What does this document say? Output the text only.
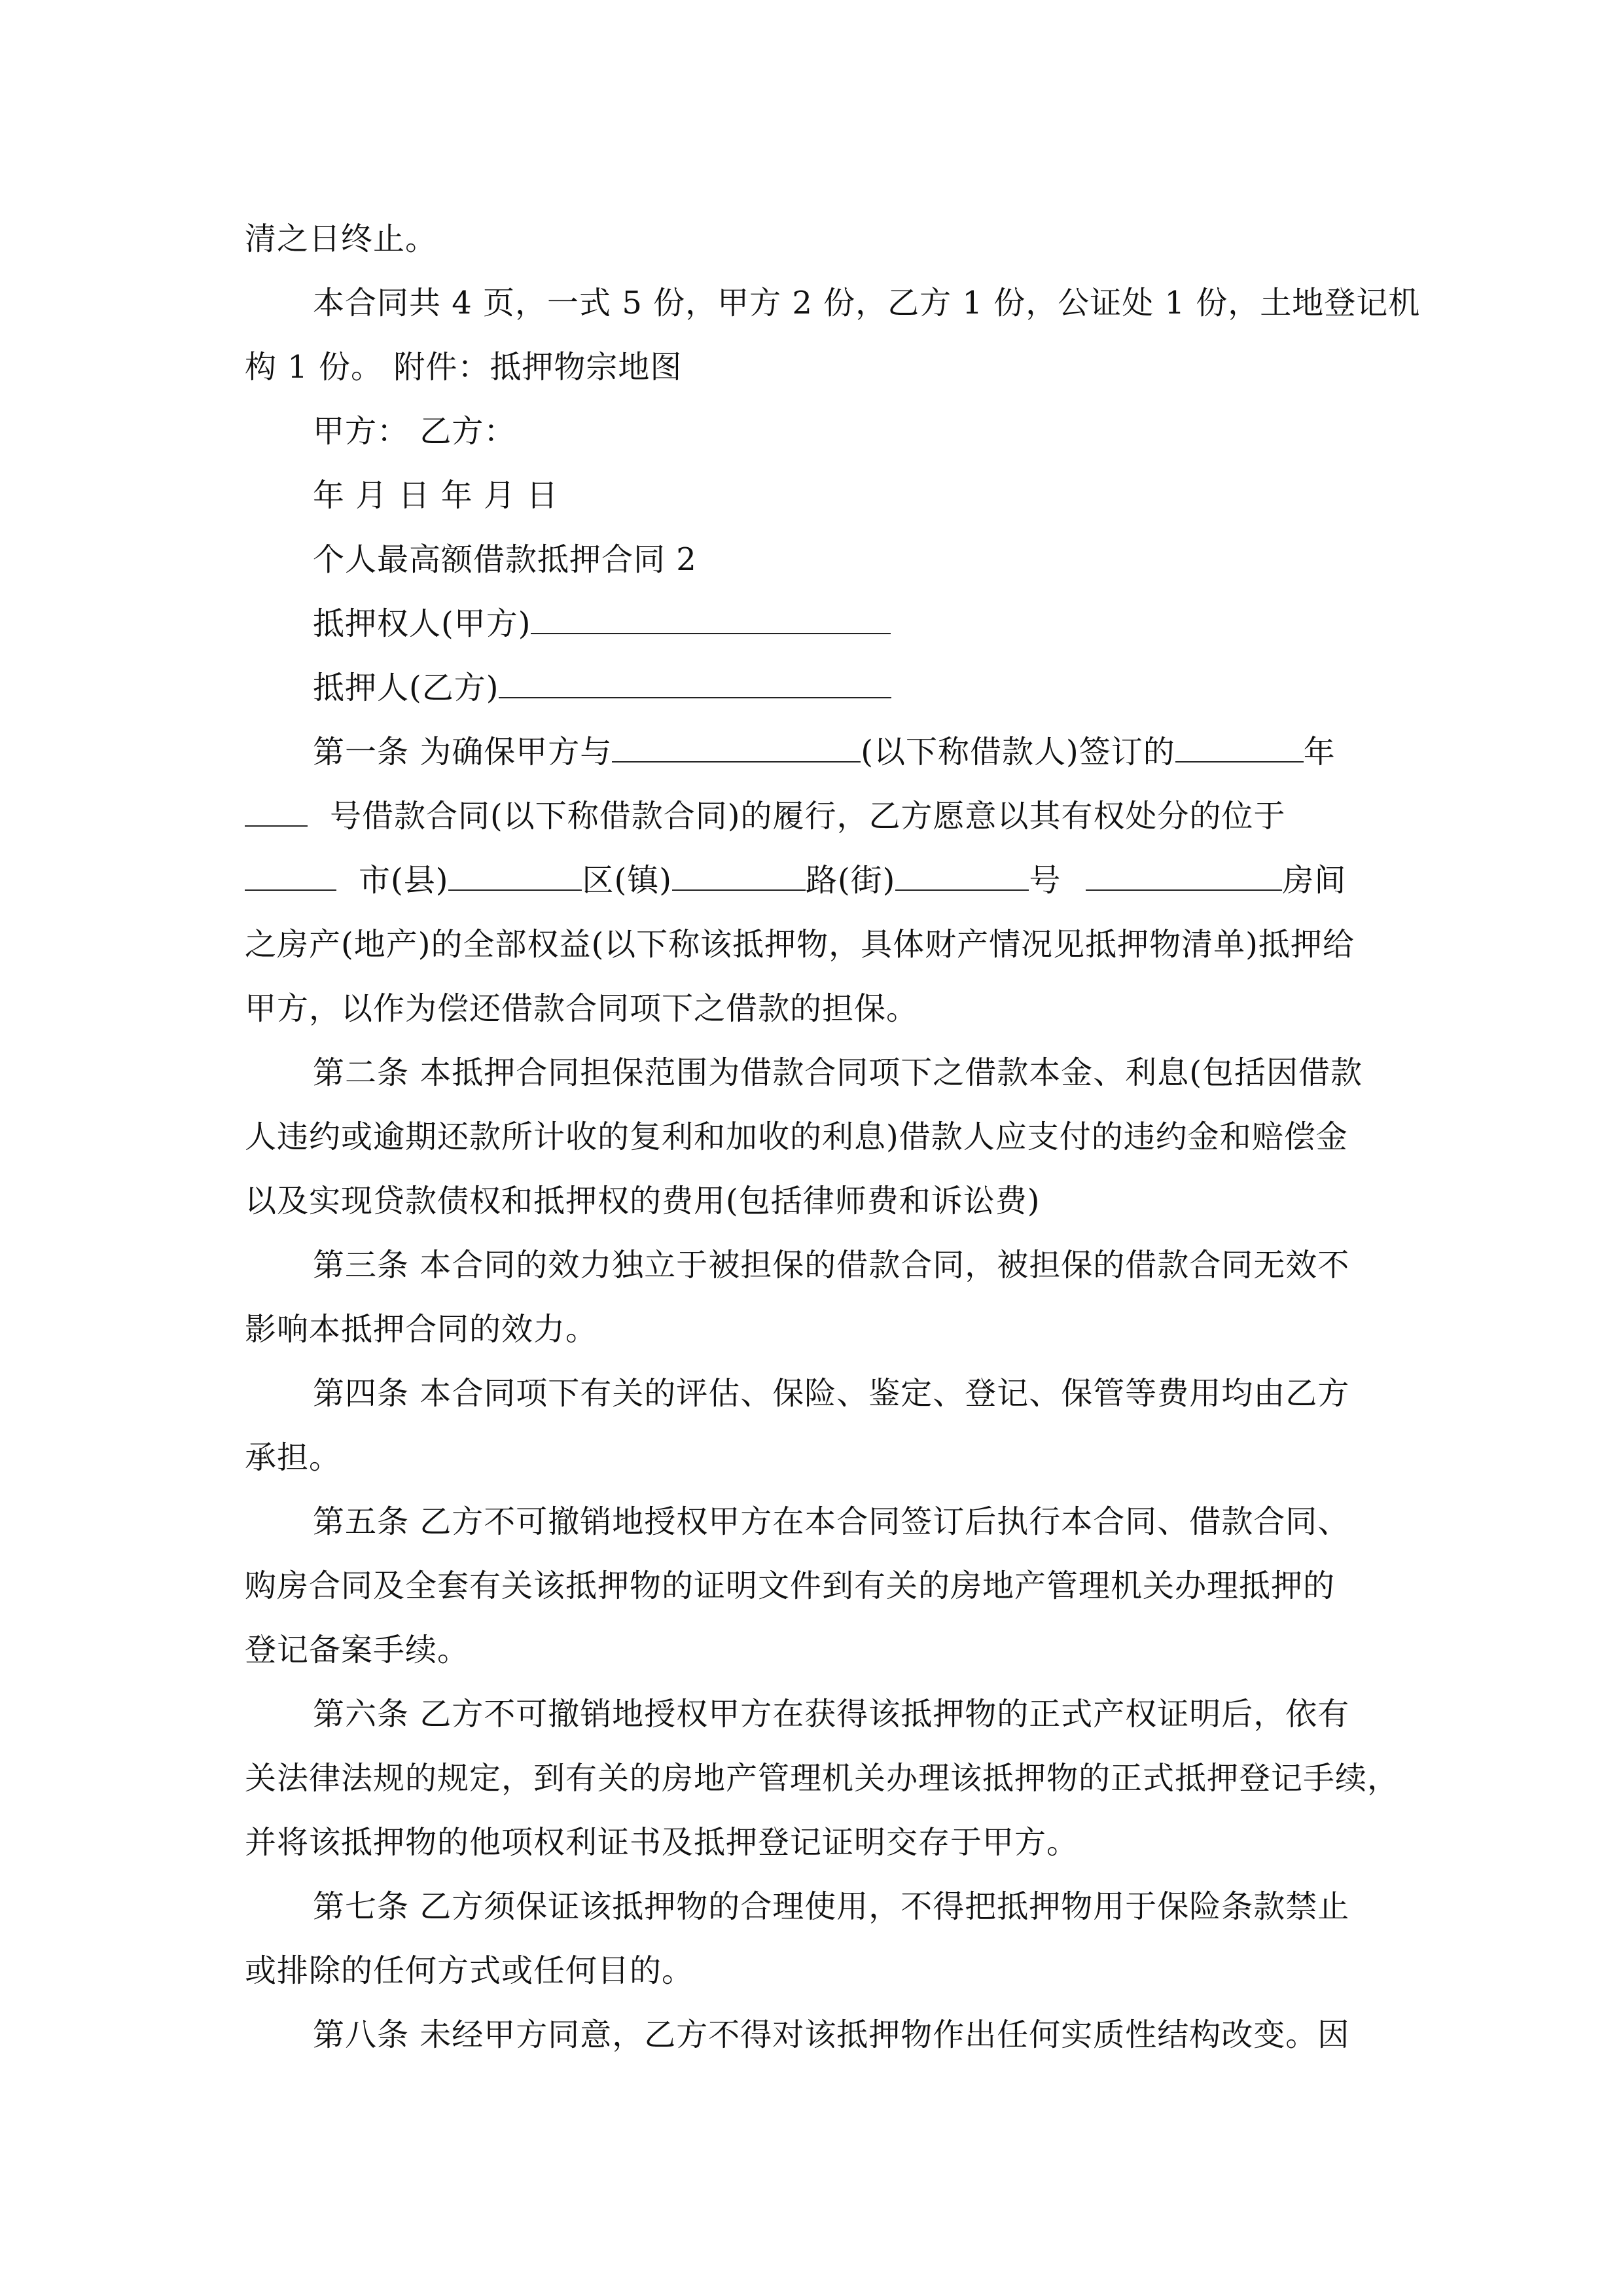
清之日终止。
本合同共 4 页，一式 5 份，甲方 2 份，乙方 1 份，公证处 1 份，土地登记机
构 1 份。 附件：抵押物宗地图
甲方： 乙方：
年 月 日 年 月 日
个人最高额借款抵押合同 2
抵押权人(甲方)
抵押人(乙方)
第一条 为确保甲方与	(以下称借款人)签订的	年
号借款合同(以下称借款合同)的履行，乙方愿意以其有权处分的位于
市(县)	区(镇)	路(街)	号	房间
之房产(地产)的全部权益(以下称该抵押物，具体财产情况见抵押物清单)抵押给
甲方，以作为偿还借款合同项下之借款的担保。
第二条 本抵押合同担保范围为借款合同项下之借款本金、利息(包括因借款
人违约或逾期还款所计收的复利和加收的利息)借款人应支付的违约金和赔偿金
以及实现贷款债权和抵押权的费用(包括律师费和诉讼费)
第三条 本合同的效力独立于被担保的借款合同，被担保的借款合同无效不
影响本抵押合同的效力。
第四条 本合同项下有关的评估、保险、鉴定、登记、保管等费用均由乙方
承担。
第五条 乙方不可撤销地授权甲方在本合同签订后执行本合同、借款合同、
购房合同及全套有关该抵押物的证明文件到有关的房地产管理机关办理抵押的
登记备案手续。
第六条 乙方不可撤销地授权甲方在获得该抵押物的正式产权证明后，依有
关法律法规的规定，到有关的房地产管理机关办理该抵押物的正式抵押登记手续，
并将该抵押物的他项权利证书及抵押登记证明交存于甲方。
第七条 乙方须保证该抵押物的合理使用，不得把抵押物用于保险条款禁止
或排除的任何方式或任何目的。
第八条 未经甲方同意，乙方不得对该抵押物作出任何实质性结构改变。因
